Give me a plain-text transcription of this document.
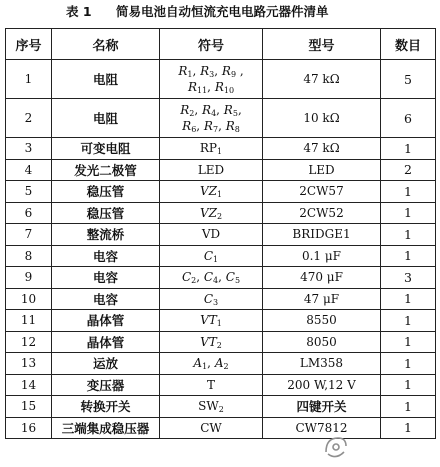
表 1 简易电池自动恒流充电电路元器件清单
序号	名称	符号	型号	数目
1	电阻	$R_1$, $R_3$, $R_9$ ,
$R_{11}$, $R_{10}$	47 kΩ	5
2	电阻	$R_2$, $R_4$, $R_5$,
$R_6$, $R_7$, $R_8$	10 kΩ	6
3	可变电阻	$RP_1$	47 kΩ	1
4	发光二极管	LED	LED	2
5	稳压管	$VZ_1$	2CW57	1
6	稳压管	$VZ_2$	2CW52	1
7	整流桥	VD	BRIDGE1	1
8	电容	$C_1$	0.1 μF	1
9	电容	$C_2$, $C_4$, $C_5$	470 μF	3
10	电容	$C_3$	47 μF	1
11	晶体管	$VT_1$	8550	1
12	晶体管	$VT_2$	8050	1
13	运放	$A_1$, $A_2$	LM358	1
14	变压器	T	200 W,12 V	1
15	转换开关	$SW_2$	四键开关	1
16	三端集成稳压器	CW	CW7812	1
